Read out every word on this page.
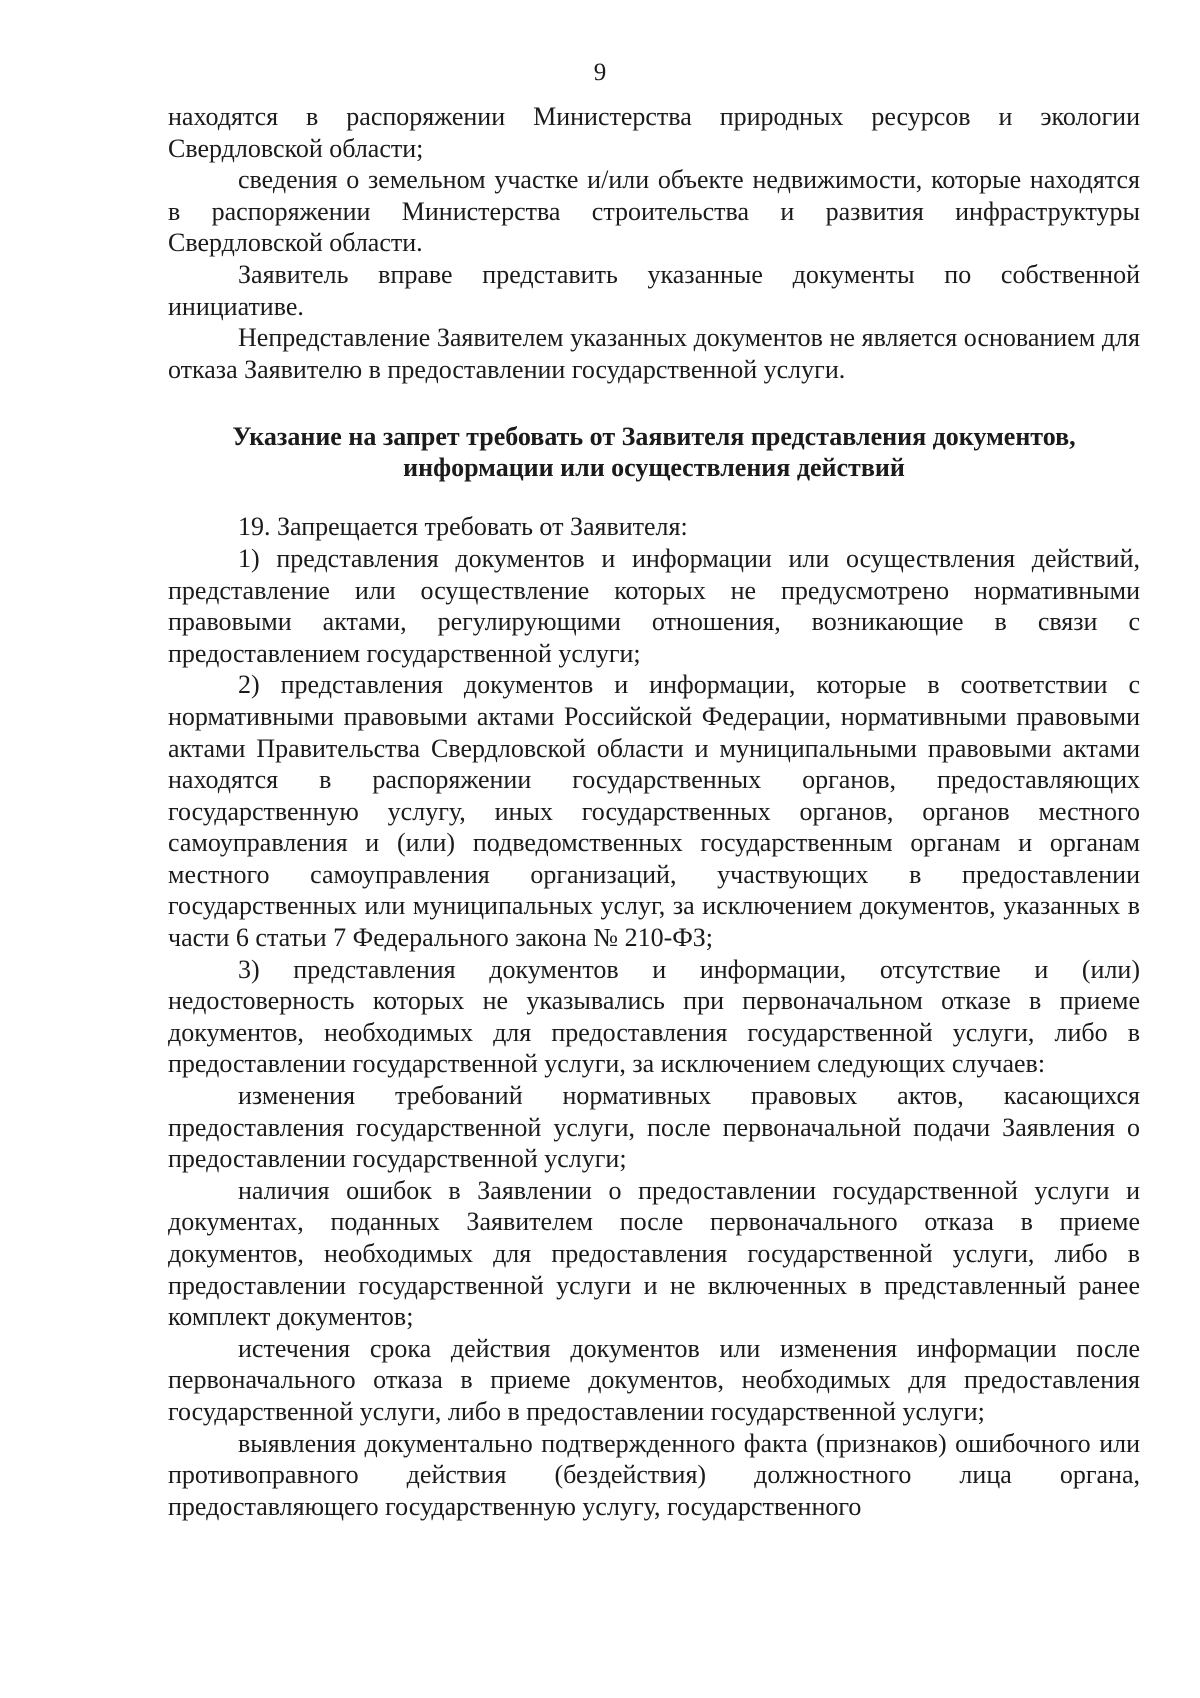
9

находятся в распоряжении Министерства природных ресурсов и экологии Свердловской области;

сведения о земельном участке и/или объекте недвижимости, которые находятся в распоряжении Министерства строительства и развития инфраструктуры Свердловской области.

Заявитель вправе представить указанные документы по собственной инициативе.

Непредставление Заявителем указанных документов не является основанием для отказа Заявителю в предоставлении государственной услуги.

Указание на запрет требовать от Заявителя представления документов,
информации или осуществления действий

19. Запрещается требовать от Заявителя:

1) представления документов и информации или осуществления действий, представление или осуществление которых не предусмотрено нормативными правовыми актами, регулирующими отношения, возникающие в связи с предоставлением государственной услуги;

2) представления документов и информации, которые в соответствии с нормативными правовыми актами Российской Федерации, нормативными правовыми актами Правительства Свердловской области и муниципальными правовыми актами находятся в распоряжении государственных органов, предоставляющих государственную услугу, иных государственных органов, органов местного самоуправления и (или) подведомственных государственным органам и органам местного самоуправления организаций, участвующих в предоставлении государственных или муниципальных услуг, за исключением документов, указанных в части 6 статьи 7 Федерального закона № 210-ФЗ;

3) представления документов и информации, отсутствие и (или) недостоверность которых не указывались при первоначальном отказе в приеме документов, необходимых для предоставления государственной услуги, либо в предоставлении государственной услуги, за исключением следующих случаев:

изменения требований нормативных правовых актов, касающихся предоставления государственной услуги, после первоначальной подачи Заявления о предоставлении государственной услуги;

наличия ошибок в Заявлении о предоставлении государственной услуги и документах, поданных Заявителем после первоначального отказа в приеме документов, необходимых для предоставления государственной услуги, либо в предоставлении государственной услуги и не включенных в представленный ранее комплект документов;

истечения срока действия документов или изменения информации после первоначального отказа в приеме документов, необходимых для предоставления государственной услуги, либо в предоставлении государственной услуги;

выявления документально подтвержденного факта (признаков) ошибочного или противоправного действия (бездействия) должностного лица органа, предоставляющего государственную услугу, государственного
